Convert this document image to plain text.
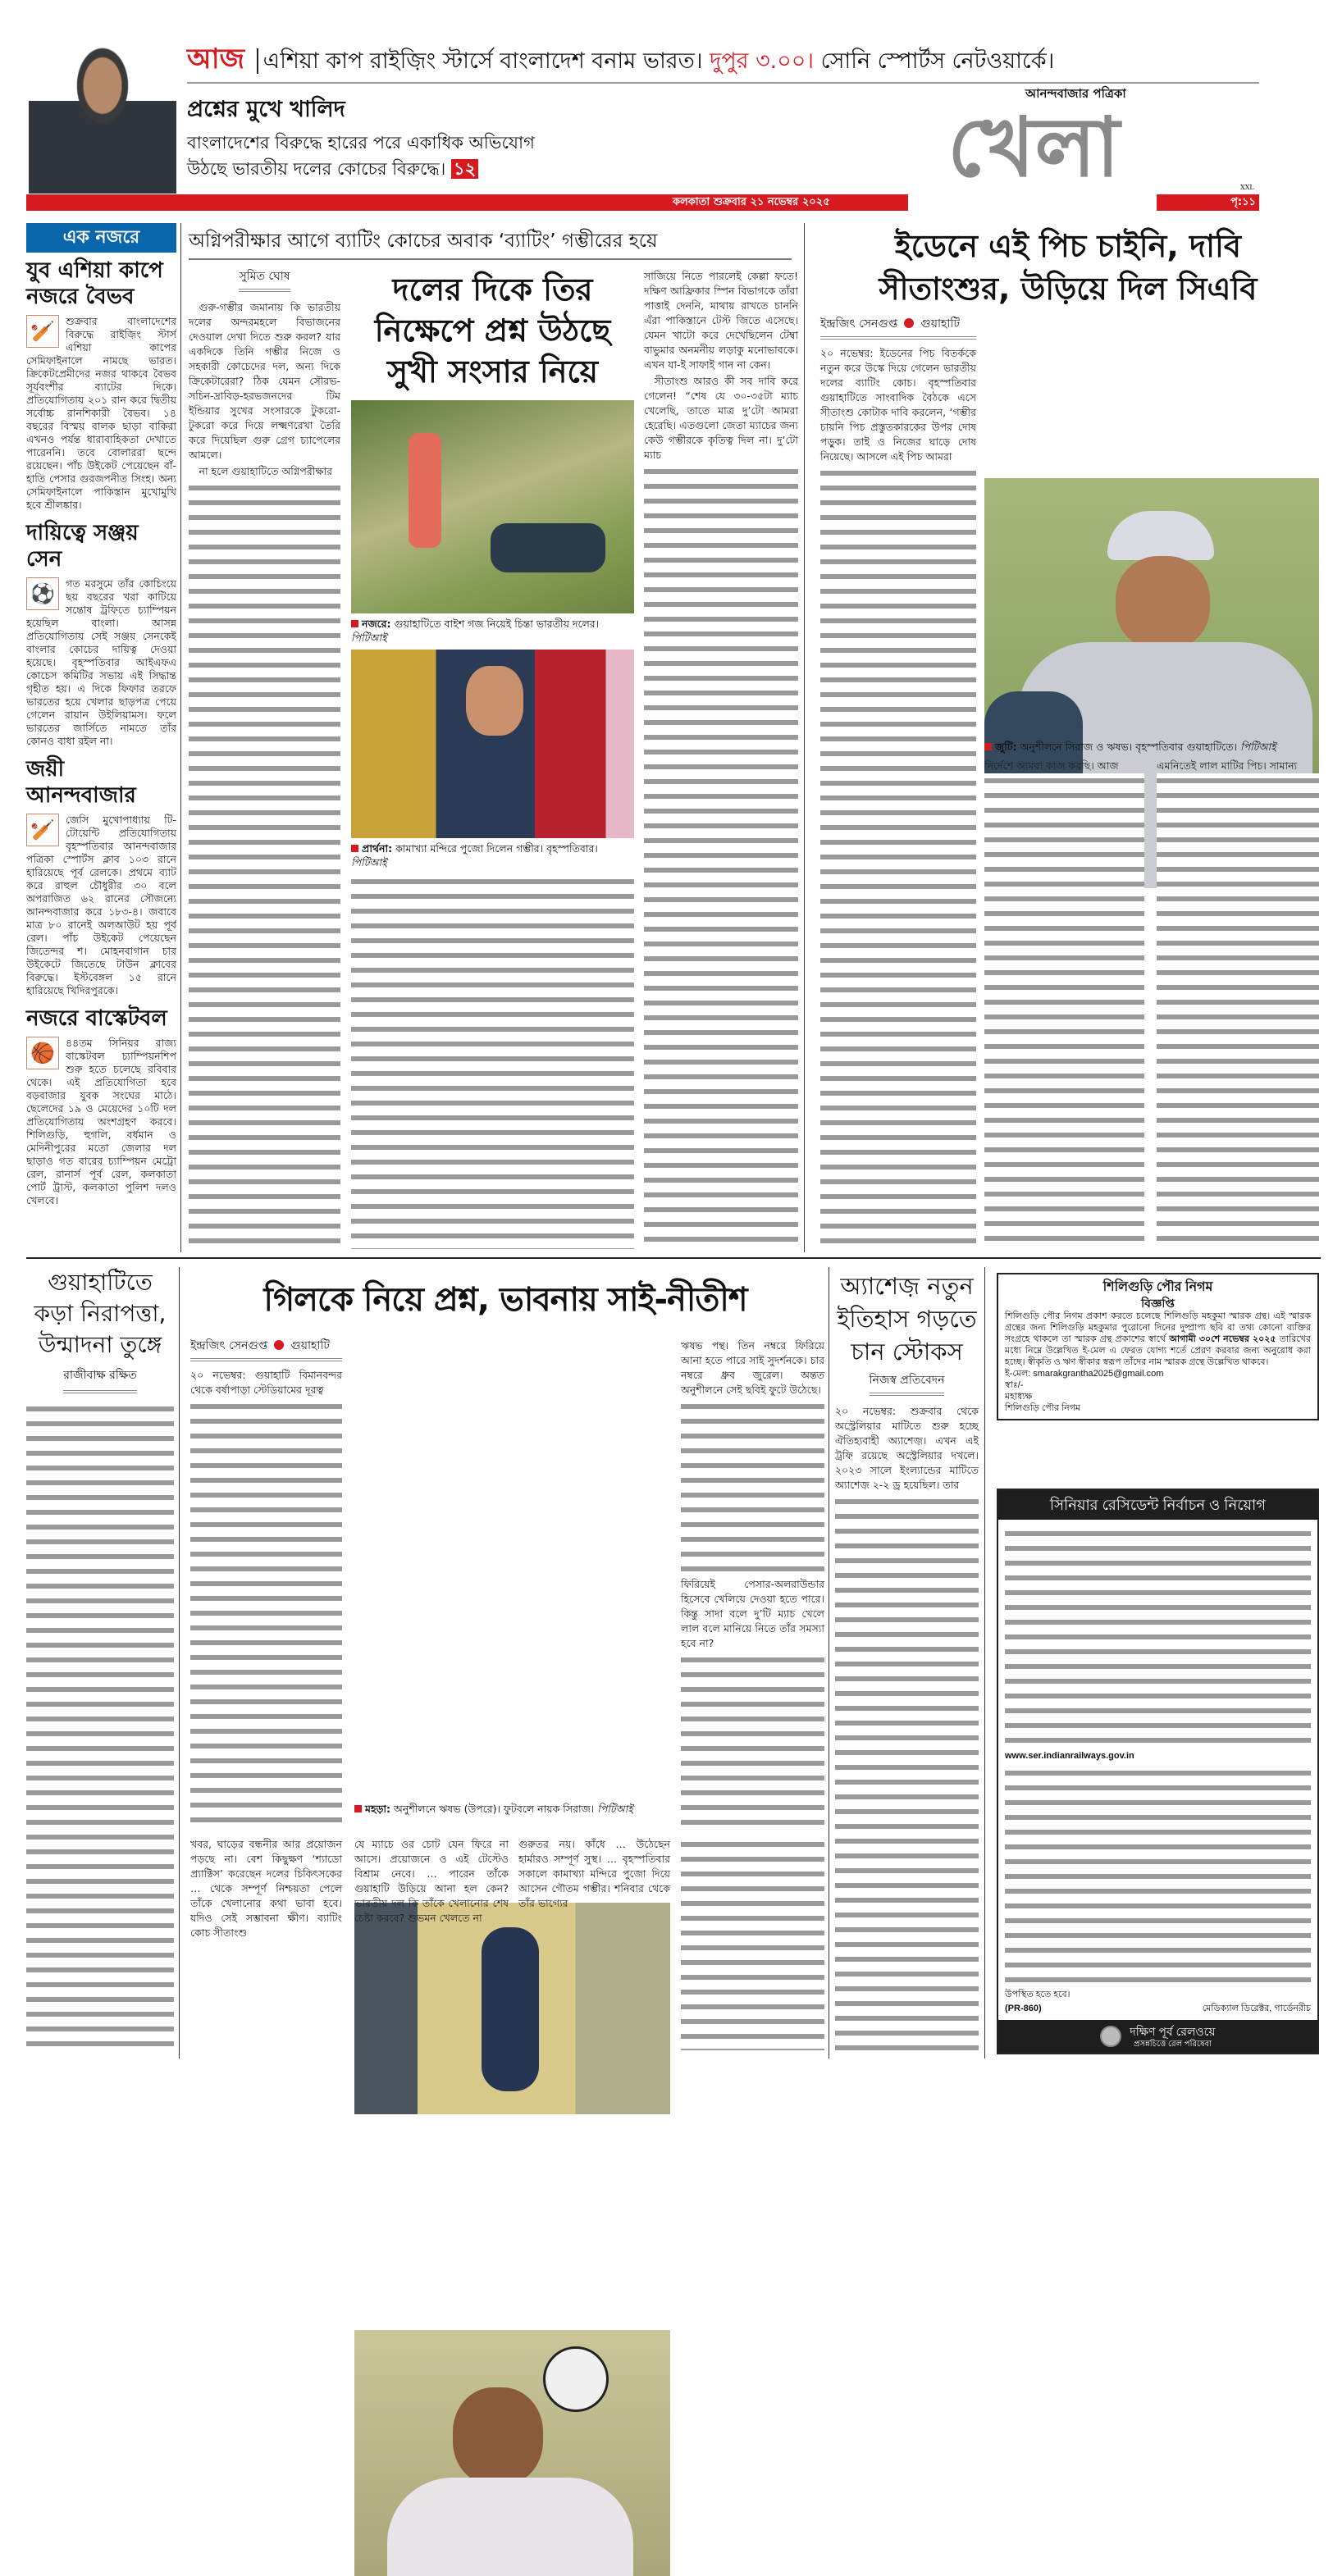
আজ এশিয়া কাপ রাইজ়িং স্টার্সে বাংলাদেশ বনাম ভারত। দুপুর ৩.০০। সোনি স্পোর্টস নেটওয়ার্কে।
প্রশ্নের মুখে খালিদ
বাংলাদেশের বিরুদ্ধে হারের পরে একাধিক অভিযোগ
উঠছে ভারতীয় দলের কোচের বিরুদ্ধে। ১২	খেলা
আনন্দবাজার পত্রিকা
কলকাতা শুক্রবার ২১ নভেম্বর ২০২৫
XXL
পৃ:১১
এক নজরে
যুব এশিয়া কাপে নজরে বৈভব
🏏	শুক্রবার বাংলাদেশের বিরুদ্ধে রাইজ়িং স্টার্স এশিয়া কাপের সেমিফাইনালে নামছে ভারত। ক্রিকেটপ্রেমীদের নজর থাকবে বৈভব সূর্যবংশীর ব্যাটের দিকে। প্রতিযোগিতায় ২০১ রান করে দ্বিতীয় সর্বোচ্চ রানশিকারী বৈভব। ১৪ বছরের বিস্ময় বালক ছাড়া বাকিরা এখনও পর্যন্ত ধারাবাহিকতা দেখাতে পারেননি। তবে বোলাররা ছন্দে রয়েছেন। পাঁচ উইকেট পেয়েছেন বাঁ-হাতি পেসার গুরজপনীত সিংহ। অন্য সেমিফাইনালে পাকিস্তান মুখোমুখি হবে শ্রীলঙ্কার।
দায়িত্বে সঞ্জয় সেন
⚽	গত মরসুমে তাঁর কোচিংয়ে ছয় বছরের খরা কাটিয়ে সন্তোষ ট্রফিতে চ্যাম্পিয়ন হয়েছিল বাংলা। আসন্ন প্রতিযোগিতায় সেই সঞ্জয় সেনকেই বাংলার কোচের দায়িত্ব দেওয়া হয়েছে। বৃহস্পতিবার আইএফএ কোচেস কমিটির সভায় এই সিদ্ধান্ত গৃহীত হয়। এ দিকে ফিফার তরফে ভারতের হয়ে খেলার ছাড়পত্র পেয়ে গেলেন রায়ান উইলিয়ামস। ফলে ভারতের জার্সিতে নামতে তাঁর কোনও বাধা রইল না।
জয়ী আনন্দবাজার
🏏	জেসি মুখোপাধ্যায় টি-টোয়েন্টি প্রতিযোগিতায় বৃহস্পতিবার আনন্দবাজার পত্রিকা স্পোর্টস ক্লাব ১০৩ রানে হারিয়েছে পূর্ব রেলকে। প্রথমে ব্যাট করে রাহুল চৌধুরীর ৩০ বলে অপরাজিত ৬২ রানের সৌজন্যে আনন্দবাজার করে ১৮৩-৪। জবাবে মাত্র ৮০ রানেই অলআউট হয় পূর্ব রেল। পাঁচ উইকেট পেয়েছেন জিতেন্দর শ। মোহনবাগান চার উইকেটে জিতেছে টাউন ক্লাবের বিরুদ্ধে। ইস্টবেঙ্গল ১৫ রানে হারিয়েছে খিদিরপুরকে।
নজরে বাস্কেটবল
🏀	৪৪তম সিনিয়র রাজ্য বাস্কেটবল চ্যাম্পিয়নশিপ শুরু হতে চলেছে রবিবার থেকে। এই প্রতিযোগিতা হবে বড়বাজার যুবক সংঘের মাঠে। ছেলেদের ১৯ ও মেয়েদের ১০টি দল প্রতিযোগিতায় অংশগ্রহণ করবে। শিলিগুড়ি, হুগলি, বর্ধমান ও মেদিনীপুরের মতো জেলার দল ছাড়াও গত বারের চ্যাম্পিয়ন মেট্রো রেল, রানার্স পূর্ব রেল, কলকাতা পোর্ট ট্রাস্ট, কলকাতা পুলিশ দলও খেলবে।
অগ্নিপরীক্ষার আগে ব্যাটিং কোচের অবাক ‘ব্যাটিং’ গম্ভীরের হয়ে
সুমিত ঘোষ

গুরু-গম্ভীর জমানায় কি ভারতীয় দলের অন্দরমহলে বিভাজনের দেওয়াল দেখা দিতে শুরু করল? যার একদিকে তিনি গম্ভীর নিজে ও সহকারী কোচেদের দল, অন্য দিকে ক্রিকেটারেরা? ঠিক যেমন সৌরভ-সচিন-দ্রাবিড়-হরভজনদের টিম ইন্ডিয়ার সুখের সংসারকে টুকরো-টুকরো করে দিয়ে লক্ষ্মণরেখা তৈরি করে দিয়েছিল গুরু গ্রেগ চ্যাপেলের আমলে।

না হলে গুয়াহাটিতে অগ্নিপরীক্ষার

দলের দিকে তির
নিক্ষেপে প্রশ্ন উঠছে
সুখী সংসার নিয়ে
নজরে: গুয়াহাটিতে বাইশ গজ নিয়েই চিন্তা ভারতীয় দলের। পিটিআই
প্রার্থনা: কামাখ্যা মন্দিরে পুজো দিলেন গম্ভীর। বৃহস্পতিবার। পিটিআই

সাজিয়ে নিতে পারলেই কেল্লা ফতে! দক্ষিণ আফ্রিকার স্পিন বিভাগকে তাঁরা পাত্তাই দেননি, মাথায় রাখতে চাননি এঁরা পাকিস্তানে টেস্ট জিতে এসেছে। যেমন খাটো করে দেখেছিলেন টেম্বা বাভুমার অনমনীয় লড়াকু মনোভাবকে। এখন যা-ই সাফাই গান না কেন।

সীতাংশু আরও কী সব দাবি করে গেলেন! “শেষ যে ৩০-৩৫টা ম্যাচ খেলেছি, তাতে মাত্র দু’টো আমরা হেরেছি। এতগুলো জেতা ম্যাচের জন্য কেউ গম্ভীরকে কৃতিত্ব দিল না। দু’টো ম্যাচ

ইডেনে এই পিচ চাইনি, দাবি
সীতাংশুর, উড়িয়ে দিল সিএবি
ইন্দ্রজিৎ সেনগুপ্ত গুয়াহাটি

২০ নভেম্বর: ইডেনের পিচ বিতর্ককে নতুন করে উস্কে দিয়ে গেলেন ভারতীয় দলের ব্যাটিং কোচ। বৃহস্পতিবার গুয়াহাটিতে সাংবাদিক বৈঠকে এসে সীতাংশু কোটাক দাবি করলেন, ‘গম্ভীর চায়নি পিচ প্রস্তুতকারকের উপর দোষ পড়ুক। তাই ও নিজের ঘাড়ে দোষ নিয়েছে। আসলে এই পিচ আমরা

জুটি: অনুশীলনে সিরাজ ও ঋষভ। বৃহস্পতিবার গুয়াহাটিতে। পিটিআই
নির্দেশে আমরা কাজ করছি। আজ	এমনিতেই লাল মাটির পিচ। সামান্য
গুয়াহাটিতে কড়া নিরাপত্তা, উন্মাদনা তুঙ্গে
রাজীবাক্ষ রক্ষিত
গিলকে নিয়ে প্রশ্ন, ভাবনায় সাই-নীতীশ
ইন্দ্রজিৎ সেনগুপ্ত গুয়াহাটি

২০ নভেম্বর: গুয়াহাটি বিমানবন্দর থেকে বর্ষাপাড়া স্টেডিয়ামের দূরত্ব

মহড়া: অনুশীলনে ঋষভ (উপরে)। ফুটবলে নায়ক সিরাজ। পিটিআই

ঋষভ পন্থ। তিন নম্বরে ফিরিয়ে আনা হতে পারে সাই সুদর্শনকে। চার নম্বরে ধ্রুব জুরেল। অন্তত অনুশীলনে সেই ছবিই ফুটে উঠেছে।

ফিরিয়েই পেসার-অলরাউন্ডার হিসেবে খেলিয়ে দেওয়া হতে পারে। কিন্তু সাদা বলে দু’টি ম্যাচ খেলে লাল বলে মানিয়ে নিতে তাঁর সমস্যা হবে না?

খবর, ঘাড়ের বন্ধনীর আর প্রয়োজন পড়ছে না। বেশ কিছুক্ষণ ‘শ্যাডো প্র্যাক্টিস’ করেছেন দলের চিকিৎসকের … থেকে সম্পূর্ণ নিশ্চয়তা পেলে তাঁকে খেলানোর কথা ভাবা হবে। যদিও সেই সম্ভাবনা ক্ষীণ। ব্যাটিং কোচ সীতাংশু
যে ম্যাচে ওর চোট যেন ফিরে না আসে। প্রয়োজনে ও এই টেস্টেও বিশ্রাম নেবে। … পারেন তাঁকে গুয়াহাটি উড়িয়ে আনা হল কেন? ভারতীয় দল কি তাঁকে খেলানোর শেষ চেষ্টা করবে? শুভমন খেলতে না
গুরুতর নয়। কাঁধে … উঠেছেন হার্মারও সম্পূর্ণ সুস্থ। … বৃহস্পতিবার সকালে কামাখ্যা মন্দিরে পুজো দিয়ে আসেন গৌতম গম্ভীর। শনিবার থেকে তাঁর ভাগ্যের
অ্যাশেজ় নতুন ইতিহাস গড়তে চান স্টোকস
নিজস্ব প্রতিবেদন

২০ নভেম্বর: শুক্রবার থেকে অস্ট্রেলিয়ার মাটিতে শুরু হচ্ছে ঐতিহ্যবাহী অ্যাশেজ়। এখন এই ট্রফি রয়েছে অস্ট্রেলিয়ার দখলে। ২০২৩ সালে ইংল্যান্ডের মাটিতে অ্যাশেজ় ২-২ ড্র হয়েছিল। তার

শিলিগুড়ি পৌর নিগম
বিজ্ঞপ্তি
শিলিগুড়ি পৌর নিগম প্রকাশ করতে চলেছে শিলিগুড়ি মহকুমা স্মারক গ্রন্থ। এই স্মারক গ্রন্থের জন্য শিলিগুড়ি মহকুমার পুরোনো দিনের দুষ্প্রাপ্য ছবি বা তথ্য কোনো ব্যক্তির সংগ্রহে থাকলে তা স্মারক গ্রন্থ প্রকাশের স্বার্থে আগামী ৩০শে নভেম্বর ২০২৫ তারিখের মধ্যে নিম্নে উল্লেখিত ই-মেল এ ফেরত যোগ্য শর্তে প্রেরণ করবার জন্য অনুরোধ করা হচ্ছে। স্বীকৃতি ও ঋণ স্বীকার স্বরূপ তাঁদের নাম স্মারক গ্রন্থে উল্লেখিত থাকবে।
ই-মেল: smarakgrantha2025@gmail.com
স্বাঃ/-
মহাধ্যক্ষ
শিলিগুড়ি পৌর নিগম
সিনিয়ার রেসিডেন্ট নির্বাচন ও নিয়োগ
www.ser.indianrailways.gov.in
উপস্থিত হতে হবে।
(PR-860)	মেডিক্যাল ডিরেক্টর, গার্ডেনরীচ
দক্ষিণ পূর্ব রেলওয়ে
প্রসন্নচিত্তে রেল পরিষেবা
